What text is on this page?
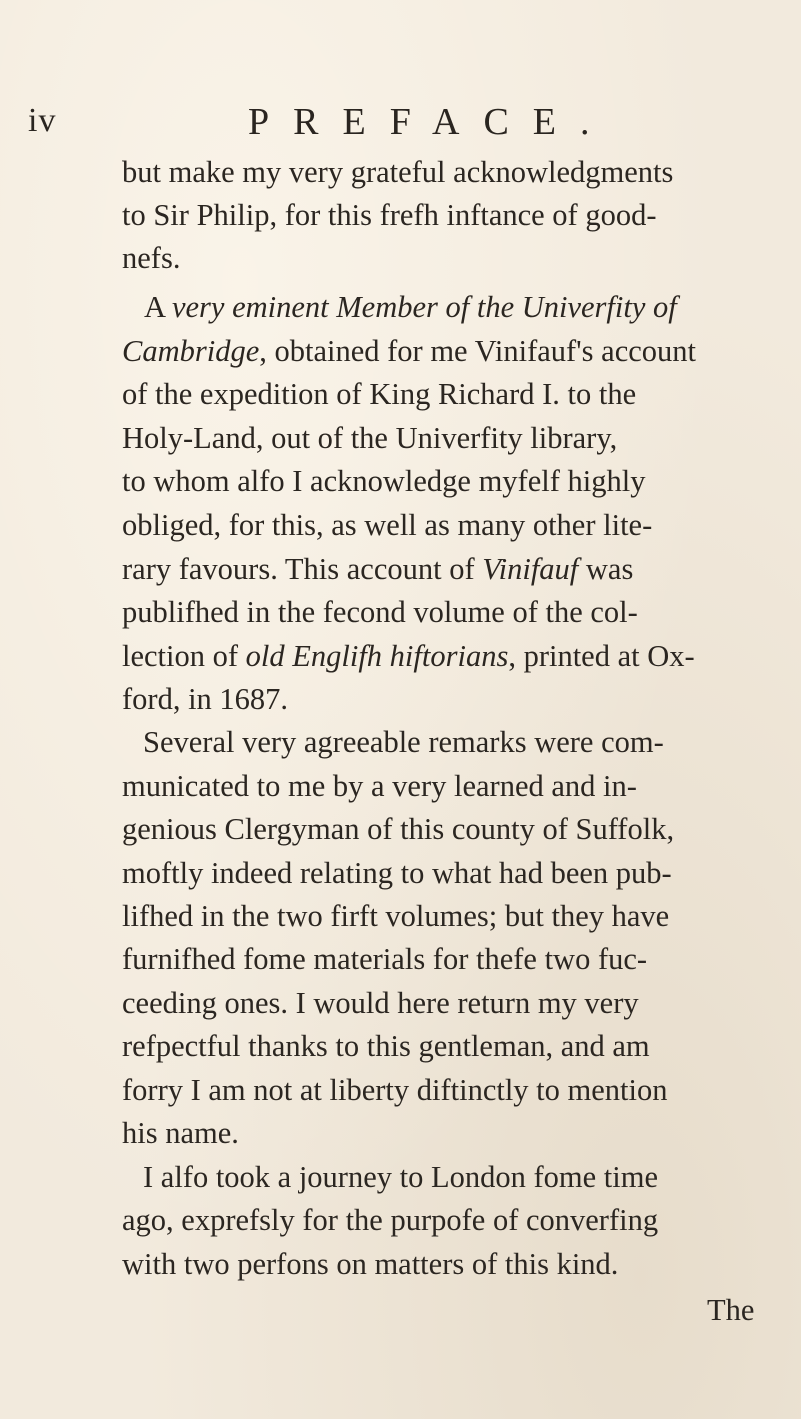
iv	PREFACE.
but make my very grateful acknowledgments
to Sir Philip, for this frefh inftance of good-
nefs.
A very eminent Member of the Univerfity of
Cambridge, obtained for me Vinifauf's account
of the expedition of King Richard I. to the
Holy-Land, out of the Univerfity library,
to whom alfo I acknowledge myfelf highly
obliged, for this, as well as many other lite-
rary favours. This account of Vinifauf was
publifhed in the fecond volume of the col-
lection of old Englifh hiftorians, printed at Ox-
ford, in 1687.
Several very agreeable remarks were com-
municated to me by a very learned and in-
genious Clergyman of this county of Suffolk,
moftly indeed relating to what had been pub-
lifhed in the two firft volumes; but they have
furnifhed fome materials for thefe two fuc-
ceeding ones. I would here return my very
refpectful thanks to this gentleman, and am
forry I am not at liberty diftinctly to mention
his name.
I alfo took a journey to London fome time
ago, exprefsly for the purpofe of converfing
with two perfons on matters of this kind.
The
